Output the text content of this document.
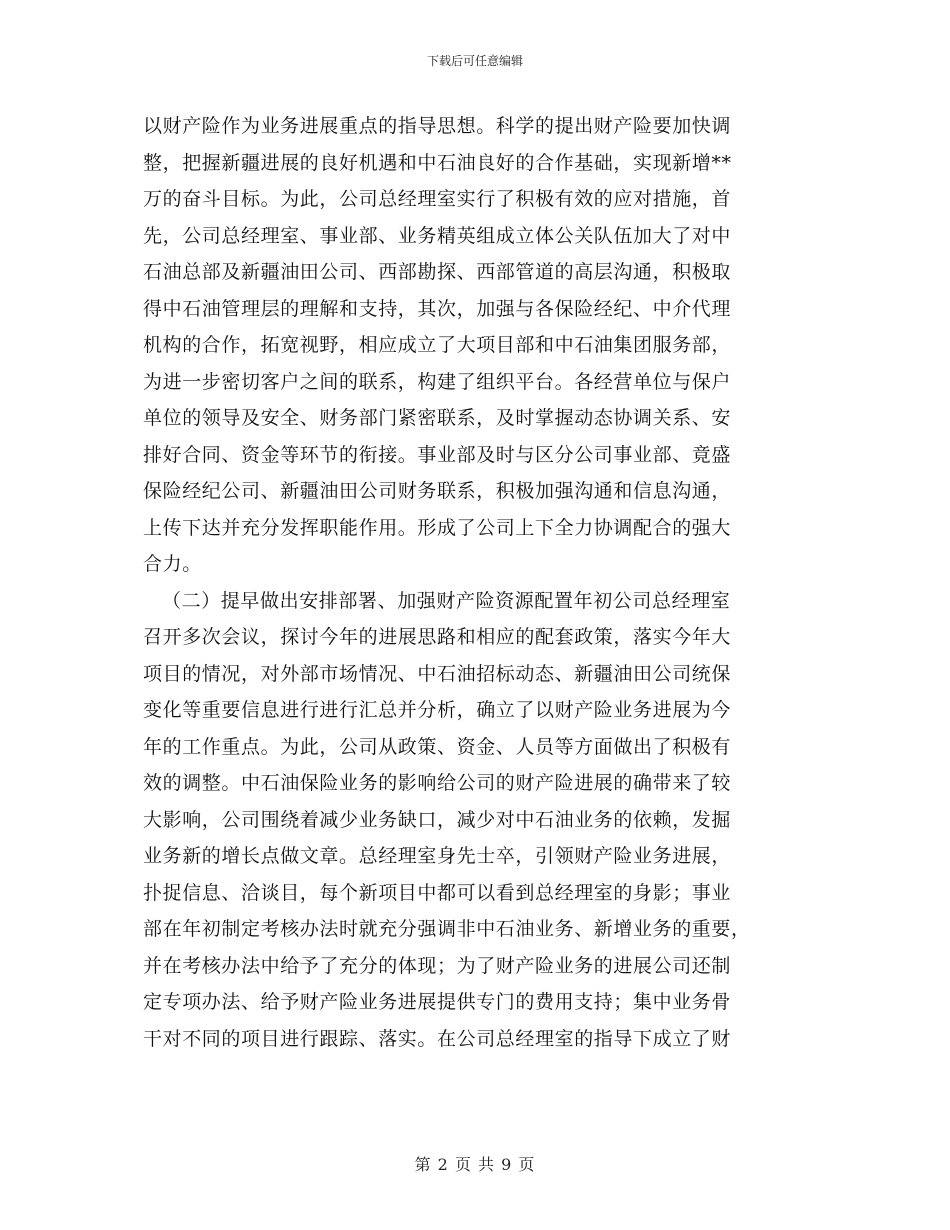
下载后可任意编辑
以财产险作为业务进展重点的指导思想。科学的提出财产险要加快调
整，把握新疆进展的良好机遇和中石油良好的合作基础，实现新增**
万的奋斗目标。为此，公司总经理室实行了积极有效的应对措施，首
先，公司总经理室、事业部、业务精英组成立体公关队伍加大了对中
石油总部及新疆油田公司、西部勘探、西部管道的高层沟通，积极取
得中石油管理层的理解和支持，其次，加强与各保险经纪、中介代理
机构的合作，拓宽视野，相应成立了大项目部和中石油集团服务部，
为进一步密切客户之间的联系，构建了组织平台。各经营单位与保户
单位的领导及安全、财务部门紧密联系，及时掌握动态协调关系、安
排好合同、资金等环节的衔接。事业部及时与区分公司事业部、竟盛
保险经纪公司、新疆油田公司财务联系，积极加强沟通和信息沟通，
上传下达并充分发挥职能作用。形成了公司上下全力协调配合的强大
合力。
（二）提早做出安排部署、加强财产险资源配置年初公司总经理室
召开多次会议，探讨今年的进展思路和相应的配套政策，落实今年大
项目的情况，对外部市场情况、中石油招标动态、新疆油田公司统保
变化等重要信息进行进行汇总并分析，确立了以财产险业务进展为今
年的工作重点。为此，公司从政策、资金、人员等方面做出了积极有
效的调整。中石油保险业务的影响给公司的财产险进展的确带来了较
大影响，公司围绕着减少业务缺口，减少对中石油业务的依赖，发掘
业务新的增长点做文章。总经理室身先士卒，引领财产险业务进展，
扑捉信息、洽谈目，每个新项目中都可以看到总经理室的身影；事业
部在年初制定考核办法时就充分强调非中石油业务、新增业务的重要，
并在考核办法中给予了充分的体现；为了财产险业务的进展公司还制
定专项办法、给予财产险业务进展提供专门的费用支持；集中业务骨
干对不同的项目进行跟踪、落实。在公司总经理室的指导下成立了财
第 2 页 共 9 页
